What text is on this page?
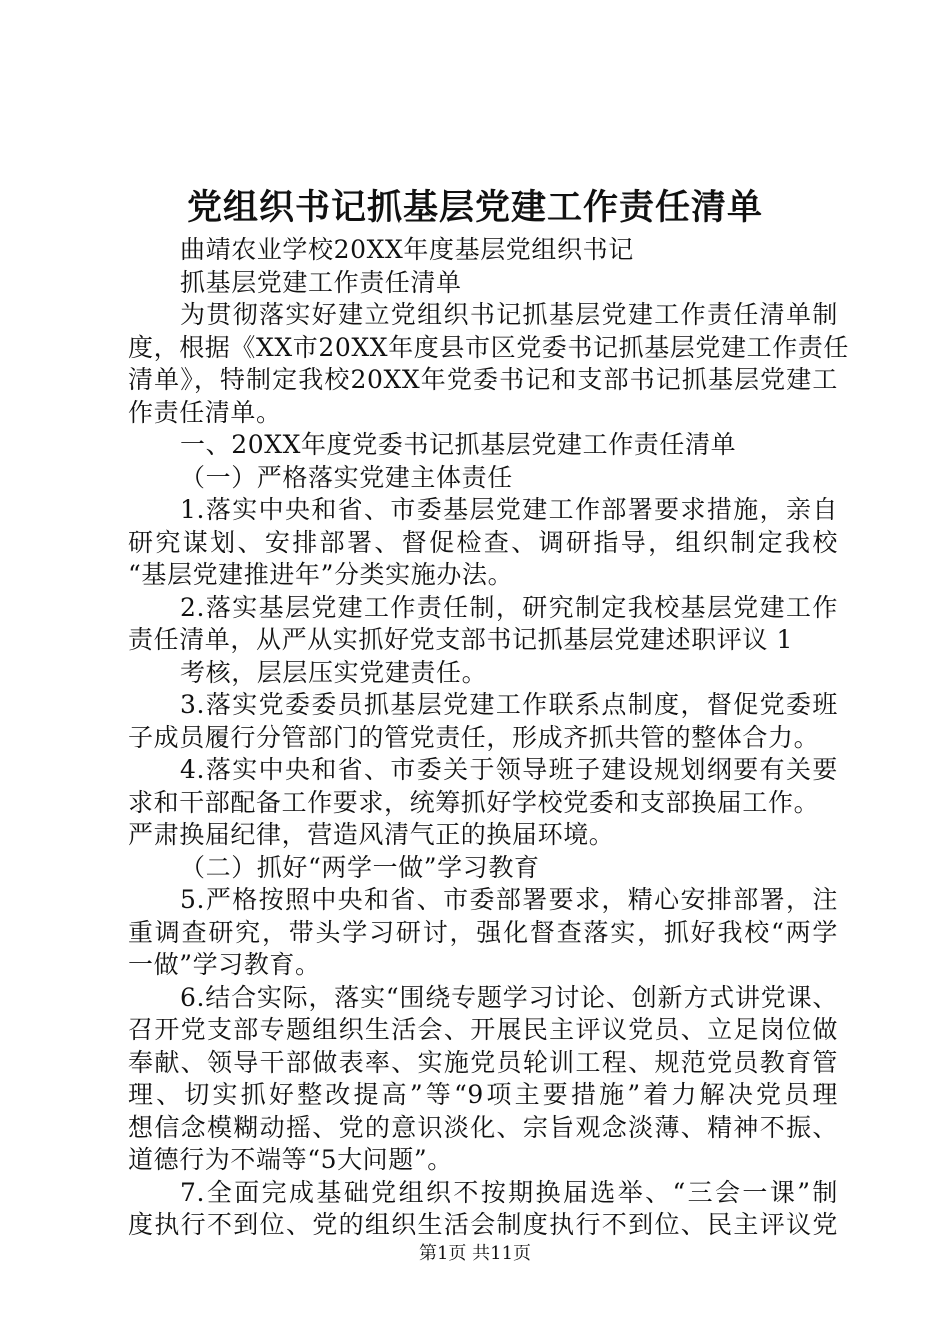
党组织书记抓基层党建工作责任清单
曲靖农业学校20XX年度基层党组织书记
抓基层党建工作责任清单
为贯彻落实好建立党组织书记抓基层党建工作责任清单制
度，根据《XX市20XX年度县市区党委书记抓基层党建工作责任
清单》，特制定我校20XX年党委书记和支部书记抓基层党建工
作责任清单。
一、20XX年度党委书记抓基层党建工作责任清单
（一）严格落实党建主体责任
1.落实中央和省、市委基层党建工作部署要求措施，亲自
研究谋划、安排部署、督促检查、调研指导，组织制定我校
“基层党建推进年”分类实施办法。
2.落实基层党建工作责任制，研究制定我校基层党建工作
责任清单，从严从实抓好党支部书记抓基层党建述职评议 1
考核，层层压实党建责任。
3.落实党委委员抓基层党建工作联系点制度，督促党委班
子成员履行分管部门的管党责任，形成齐抓共管的整体合力。
4.落实中央和省、市委关于领导班子建设规划纲要有关要
求和干部配备工作要求，统筹抓好学校党委和支部换届工作。
严肃换届纪律，营造风清气正的换届环境。
（二）抓好“两学一做”学习教育
5.严格按照中央和省、市委部署要求，精心安排部署，注
重调查研究，带头学习研讨，强化督查落实，抓好我校“两学
一做”学习教育。
6.结合实际，落实“围绕专题学习讨论、创新方式讲党课、
召开党支部专题组织生活会、开展民主评议党员、立足岗位做
奉献、领导干部做表率、实施党员轮训工程、规范党员教育管
理、切实抓好整改提高”等“9项主要措施”着力解决党员理
想信念模糊动摇、党的意识淡化、宗旨观念淡薄、精神不振、
道德行为不端等“5大问题”。
7.全面完成基础党组织不按期换届选举、“三会一课”制
度执行不到位、党的组织生活会制度执行不到位、民主评议党
第1页 共11页
